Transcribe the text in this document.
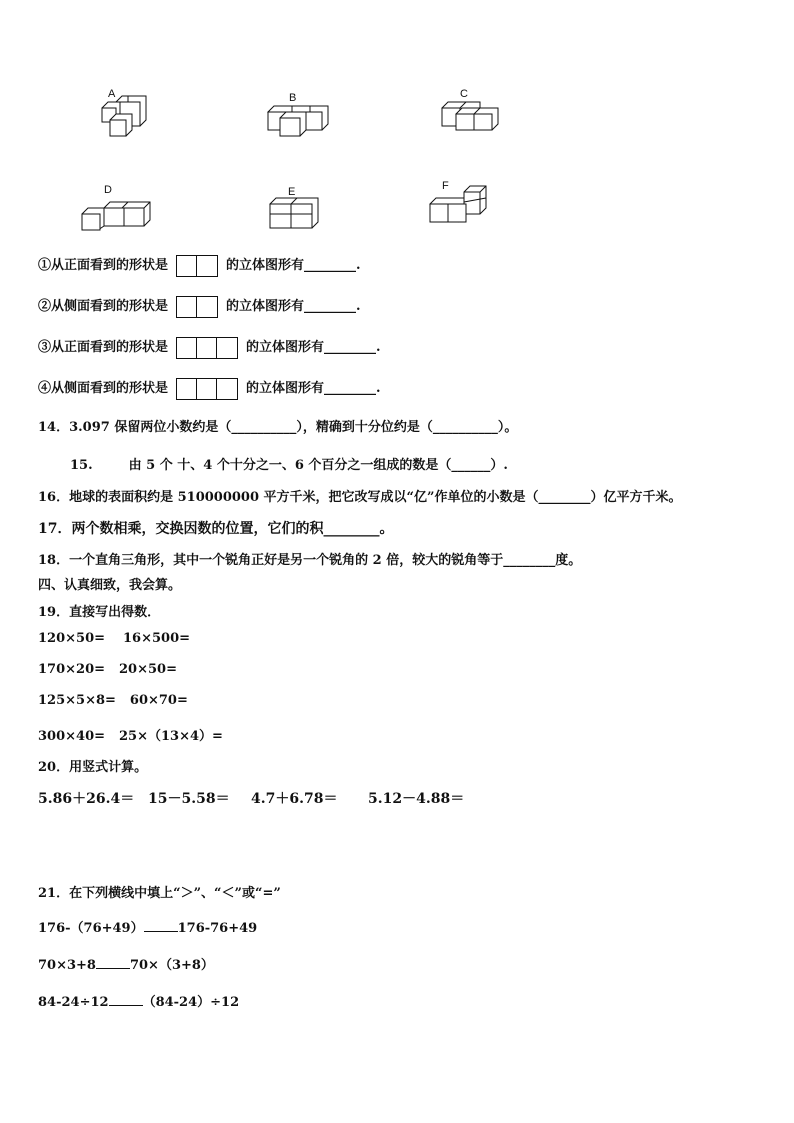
A	B	C
D	E	F
①从正面看到的形状是	的立体图形有________.
②从侧面看到的形状是	的立体图形有________.
③从正面看到的形状是	的立体图形有________.
④从侧面看到的形状是	的立体图形有________.
14．3.097 保留两位小数约是（__________），精确到十分位约是（__________）。
15.	由 5 个 十、4 个十分之一、6 个百分之一组成的数是（______）.
16．地球的表面积约是 510000000 平方千米，把它改写成以“亿”作单位的小数是（________）亿平方千米。
17．两个数相乘，交换因数的位置，它们的积________。
18．一个直角三角形，其中一个锐角正好是另一个锐角的 2 倍，较大的锐角等于________度。
四、认真细致，我会算。
19．直接写出得数．
120×50= 16×500=
170×20= 20×50=
125×5×8= 60×70=
300×40= 25×（13×4）=
20．用竖式计算。
5.86＋26.4＝ 15－5.58＝ 4.7＋6.78＝ 5.12－4.88＝
21．在下列横线中填上“＞”、“＜”或“=”
176-（76+49）	176-76+49
70×3+8	70×（3+8）
84-24÷12	（84-24）÷12
